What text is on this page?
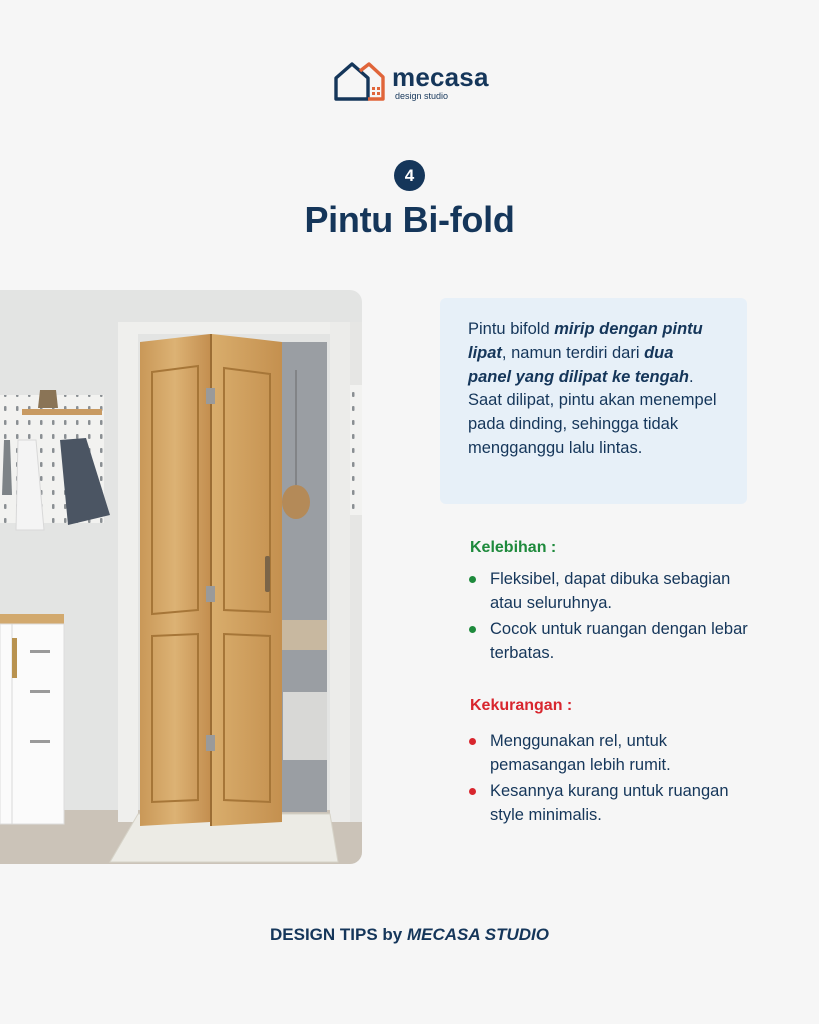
mecasa
design studio
4
Pintu Bi-fold
Pintu bifold mirip dengan pintu lipat, namun terdiri dari dua panel yang dilipat ke tengah. Saat dilipat, pintu akan menempel pada dinding, sehingga tidak mengganggu lalu lintas.
Kelebihan :
Fleksibel, dapat dibuka sebagian atau seluruhnya.
Cocok untuk ruangan dengan lebar terbatas.
Kekurangan :
Menggunakan rel, untuk pemasangan lebih rumit.
Kesannya kurang untuk ruangan style minimalis.
DESIGN TIPS by MECASA STUDIO
